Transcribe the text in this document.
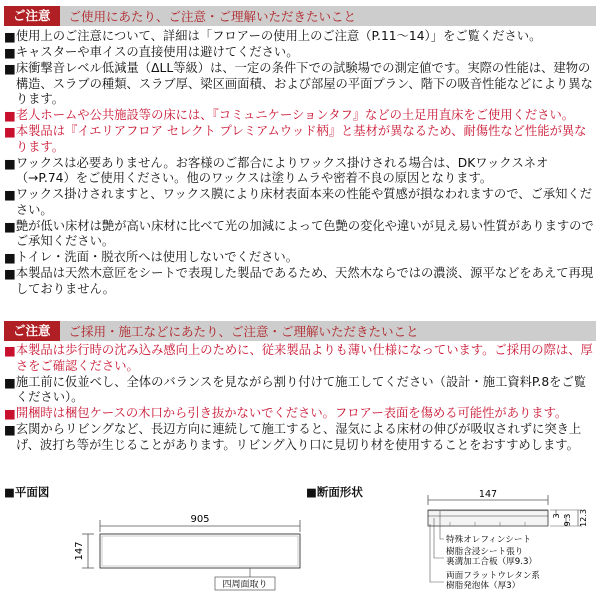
ご注意	ご使用にあたり、ご注意・ご理解いただきたいこと
■ 使用上のご注意について、詳細は「フロアーの使用上のご注意（P.11〜14）」をご覧ください。
■ キャスターや車イスの直接使用は避けてください。
■ 床衝撃音レベル低減量（ΔLL等級）は、一定の条件下での試験場での測定値です。実際の性能は、建物の構造、スラブの種類、スラブ厚、梁区画面積、および部屋の平面プラン、階下の吸音性能などにより異なります。
■ 老人ホームや公共施設等の床には、『コミュニケーションタフ』などの土足用直床をご使用ください。
■ 本製品は『イエリアフロア セレクト プレミアムウッド柄』と基材が異なるため、耐傷性など性能が異なります。
■ ワックスは必要ありません。お客様のご都合によりワックス掛けされる場合は、DKワックスネオ（→P.74）をご使用ください。他のワックスは塗りムラや密着不良の原因となります。
■ ワックス掛けされますと、ワックス膜により床材表面本来の性能や質感が損なわれますので、ご承知ください。
■ 艶が低い床材は艶が高い床材に比べて光の加減によって色艶の変化や違いが見え易い性質がありますのでご承知ください。
■ トイレ・洗面・脱衣所へは使用しないでください。
■ 本製品は天然木意匠をシートで表現した製品であるため、天然木ならではの濃淡、源平などをあえて再現しておりません。
ご注意	ご採用・施工などにあたり、ご注意・ご理解いただきたいこと
■ 本製品は歩行時の沈み込み感向上のために、従来製品よりも薄い仕様になっています。ご採用の際は、厚さをご確認ください。
■ 施工前に仮並べし、全体のバランスを見ながら割り付けて施工してください（設計・施工資料P.8をご覧ください）。
■ 開梱時は梱包ケースの木口から引き抜かないでください。フロアー表面を傷める可能性があります。
■ 玄関からリビングなど、長辺方向に連続して施工すると、湿気による床材の伸びが吸収されずに突き上げ、波打ち等が生じることがあります。リビング入り口に見切り材を使用することをおすすめします。
■平面図	■断面形状
905
147
四周面取り
147
3 9.3 12.3
特殊オレフィンシート
樹脂含浸シート張り
裏溝加工合板（厚9.3）
両面フラットウレタン系
樹脂発泡体（厚3）
